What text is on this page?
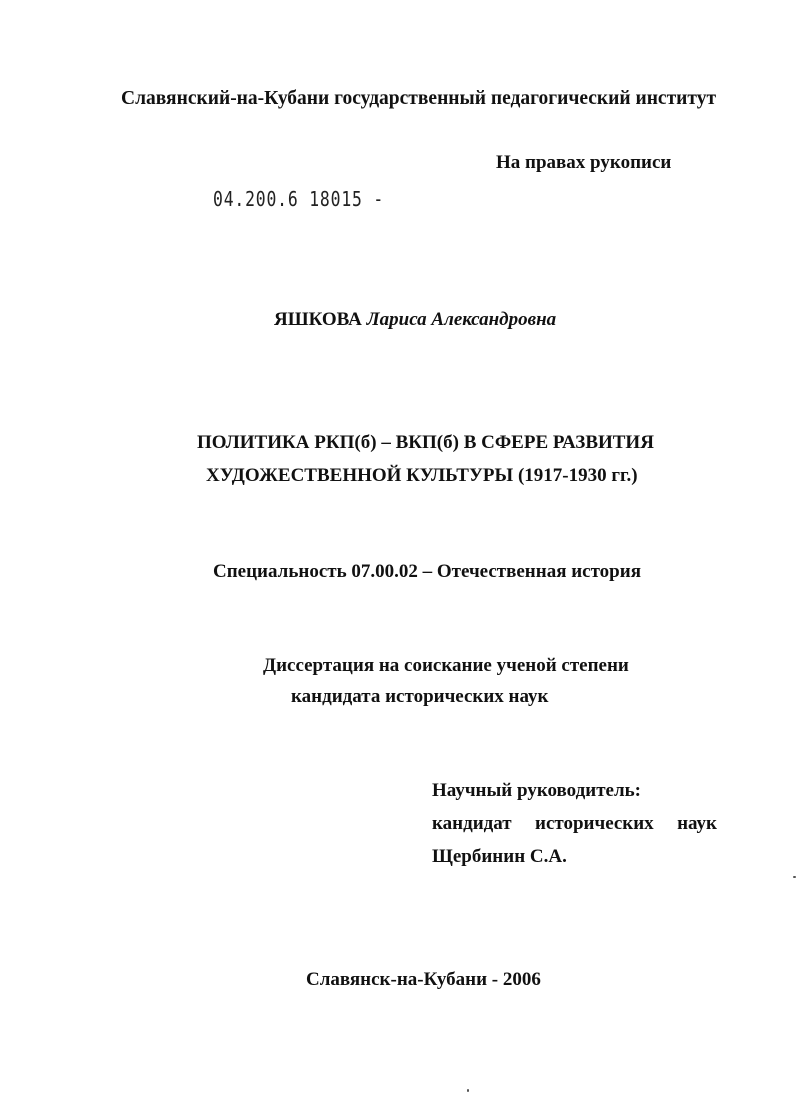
Славянский-на-Кубани государственный педагогический институт
На правах рукописи
04.200.6 18015 -
ЯШКОВА Лариса Александровна
ПОЛИТИКА РКП(б) – ВКП(б) В СФЕРЕ РАЗВИТИЯ
ХУДОЖЕСТВЕННОЙ КУЛЬТУРЫ (1917-1930 гг.)
Специальность 07.00.02 – Отечественная история
Диссертация на соискание ученой степени
кандидата исторических наук
Научный руководитель:
кандидат исторических наук
Щербинин С.А.
Славянск-на-Кубани - 2006
